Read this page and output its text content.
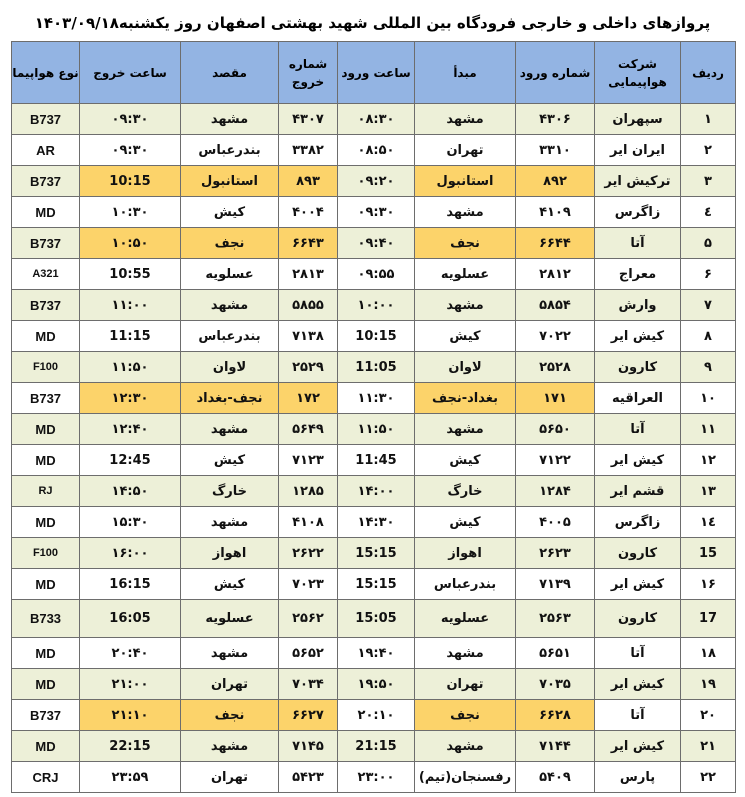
پروازهای داخلی و خارجی فرودگاه بین المللی شهید بهشتی اصفهان روز یکشنبه۱۴۰۳/۰۹/۱۸
ردیف	شرکت هواپیمایی	شماره ورود	مبدأ	ساعت ورود	شماره خروج	مقصد	ساعت خروج	نوع هواپیما
۱	سپهران	۴۳۰۶	مشهد	۰۸:۳۰	۴۳۰۷	مشهد	۰۹:۳۰	B737
۲	ایران ایر	۳۳۱۰	تهران	۰۸:۵۰	۳۳۸۲	بندرعباس	۰۹:۳۰	AR
۳	ترکیش ایر	۸۹۲	استانبول	۰۹:۲۰	۸۹۳	استانبول	10:15	B737
٤	زاگرس	۴۱۰۹	مشهد	۰۹:۳۰	۴۰۰۴	کیش	۱۰:۳۰	MD
۵	آتا	۶۶۴۴	نجف	۰۹:۴۰	۶۶۴۳	نجف	۱۰:۵۰	B737
۶	معراج	۲۸۱۲	عسلویه	۰۹:۵۵	۲۸۱۳	عسلویه	10:55	A321
۷	وارش	۵۸۵۴	مشهد	۱۰:۰۰	۵۸۵۵	مشهد	۱۱:۰۰	B737
۸	کیش ایر	۷۰۲۲	کیش	10:15	۷۱۳۸	بندرعباس	11:15	MD
۹	کارون	۲۵۲۸	لاوان	11:05	۲۵۲۹	لاوان	۱۱:۵۰	F100
۱۰	العراقیه	۱۷۱	بغداد-نجف	۱۱:۳۰	۱۷۲	نجف-بغداد	۱۲:۳۰	B737
۱۱	آتا	۵۶۵۰	مشهد	۱۱:۵۰	۵۶۴۹	مشهد	۱۲:۴۰	MD
۱۲	کیش ایر	۷۱۲۲	کیش	11:45	۷۱۲۳	کیش	12:45	MD
۱۳	قشم ایر	۱۲۸۴	خارگ	۱۴:۰۰	۱۲۸۵	خارگ	۱۴:۵۰	RJ
۱٤	زاگرس	۴۰۰۵	کیش	۱۴:۳۰	۴۱۰۸	مشهد	۱۵:۳۰	MD
15	کارون	۲۶۲۳	اهواز	15:15	۲۶۲۲	اهواز	۱۶:۰۰	F100
۱۶	کیش ایر	۷۱۳۹	بندرعباس	15:15	۷۰۲۳	کیش	16:15	MD
17	کارون	۲۵۶۳	عسلویه	15:05	۲۵۶۲	عسلویه	16:05	B733
۱۸	آتا	۵۶۵۱	مشهد	۱۹:۴۰	۵۶۵۲	مشهد	۲۰:۴۰	MD
۱۹	کیش ایر	۷۰۳۵	تهران	۱۹:۵۰	۷۰۳۴	تهران	۲۱:۰۰	MD
۲۰	آتا	۶۶۲۸	نجف	۲۰:۱۰	۶۶۲۷	نجف	۲۱:۱۰	B737
۲۱	کیش ایر	۷۱۴۴	مشهد	21:15	۷۱۴۵	مشهد	22:15	MD
۲۲	پارس	۵۴۰۹	رفسنجان(تیم)	۲۳:۰۰	۵۴۲۳	تهران	۲۳:۵۹	CRJ
